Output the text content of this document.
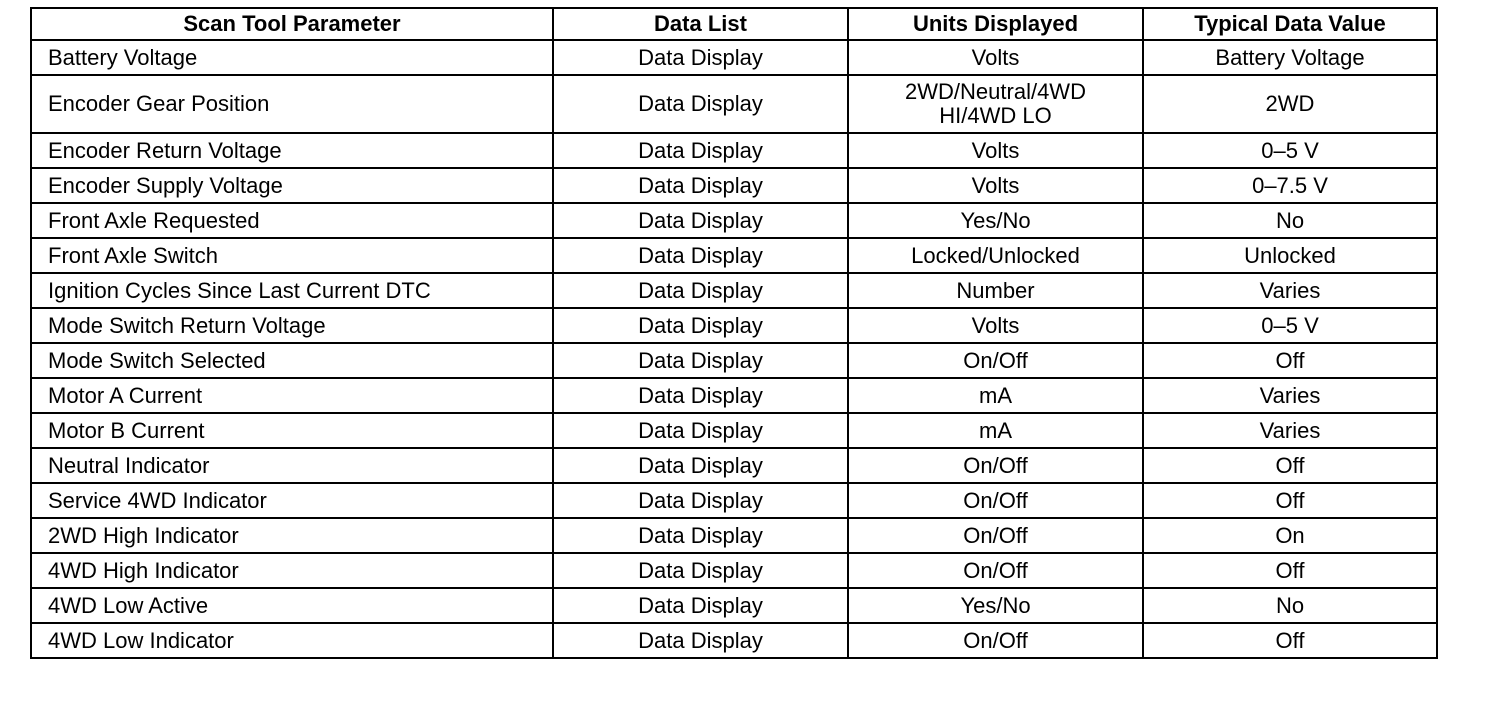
Scan Tool Parameter	Data List	Units Displayed	Typical Data Value
Battery Voltage	Data Display	Volts	Battery Voltage
Encoder Gear Position	Data Display	2WD/Neutral/4WD HI/4WD LO	2WD
Encoder Return Voltage	Data Display	Volts	0–5 V
Encoder Supply Voltage	Data Display	Volts	0–7.5 V
Front Axle Requested	Data Display	Yes/No	No
Front Axle Switch	Data Display	Locked/Unlocked	Unlocked
Ignition Cycles Since Last Current DTC	Data Display	Number	Varies
Mode Switch Return Voltage	Data Display	Volts	0–5 V
Mode Switch Selected	Data Display	On/Off	Off
Motor A Current	Data Display	mA	Varies
Motor B Current	Data Display	mA	Varies
Neutral Indicator	Data Display	On/Off	Off
Service 4WD Indicator	Data Display	On/Off	Off
2WD High Indicator	Data Display	On/Off	On
4WD High Indicator	Data Display	On/Off	Off
4WD Low Active	Data Display	Yes/No	No
4WD Low Indicator	Data Display	On/Off	Off
